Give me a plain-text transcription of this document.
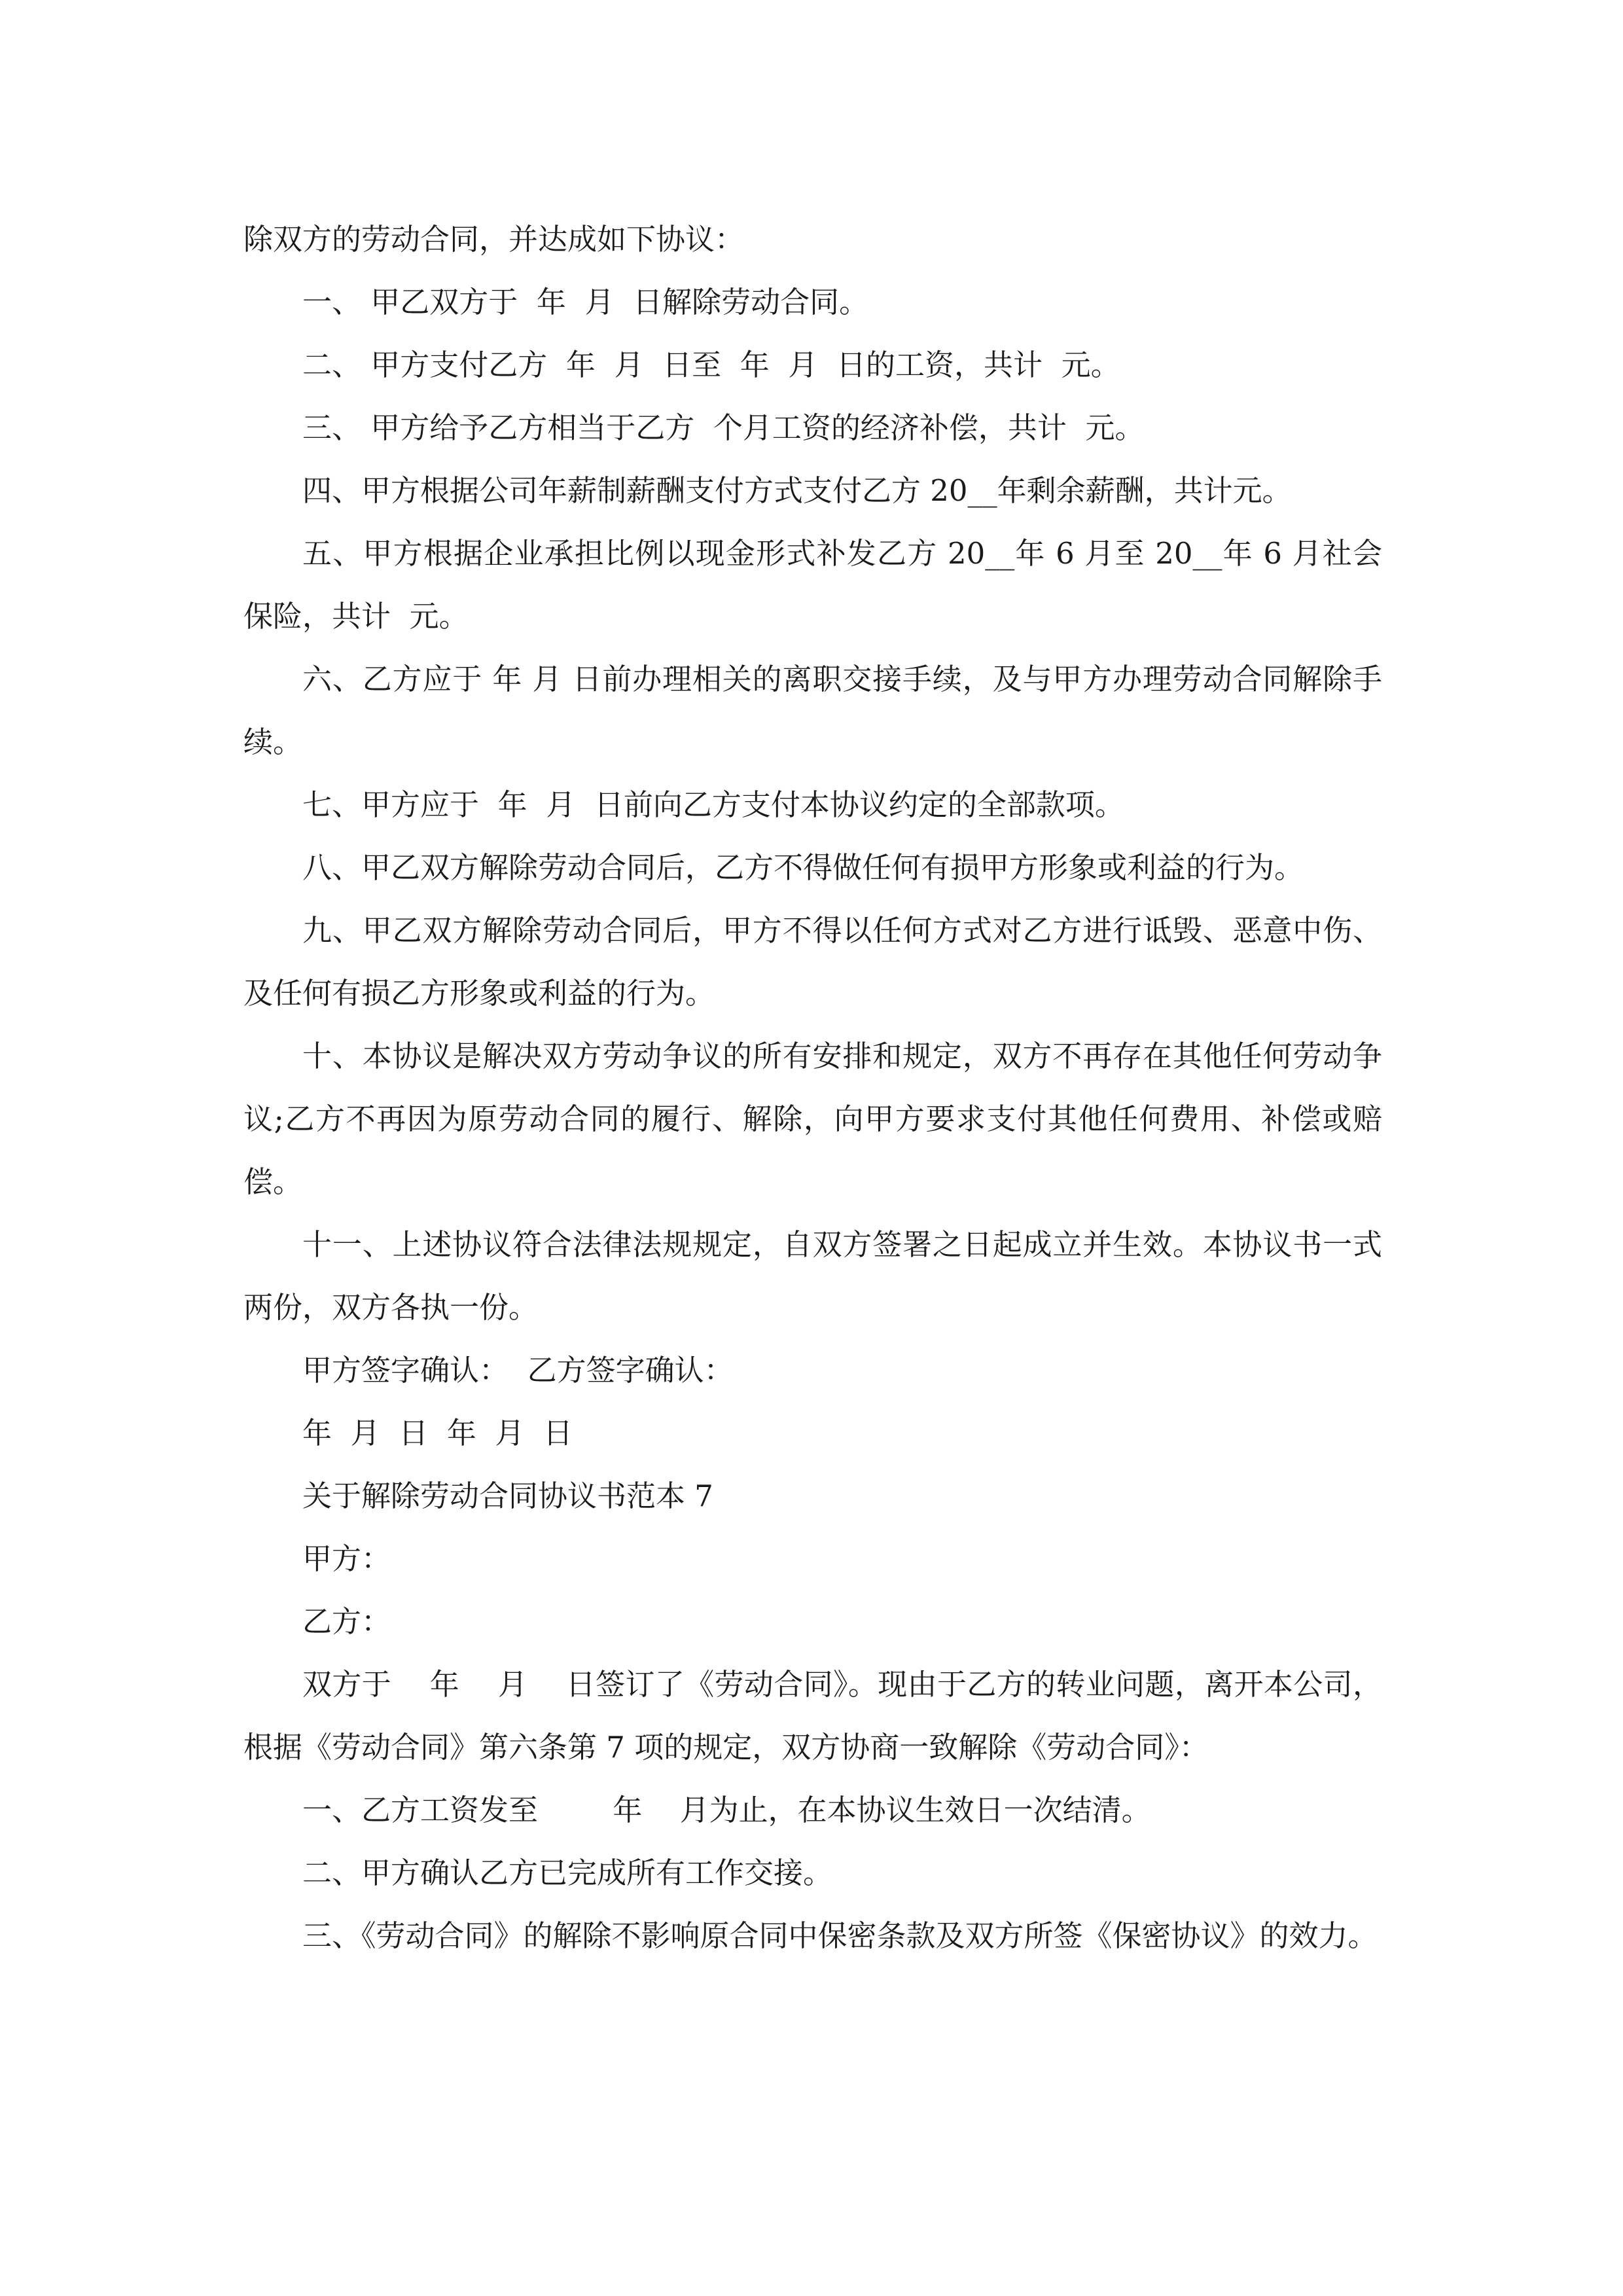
除双方的劳动合同，并达成如下协议：

一、 甲乙双方于  年  月  日解除劳动合同。

二、 甲方支付乙方  年  月  日至  年  月  日的工资，共计  元。

三、 甲方给予乙方相当于乙方  个月工资的经济补偿，共计  元。

四、甲方根据公司年薪制薪酬支付方式支付乙方 20__年剩余薪酬，共计元。

五、甲方根据企业承担比例以现金形式补发乙方 20__年 6 月至 20__年 6 月社会保险，共计  元。

六、乙方应于 年 月 日前办理相关的离职交接手续，及与甲方办理劳动合同解除手续。

七、甲方应于  年  月  日前向乙方支付本协议约定的全部款项。

八、甲乙双方解除劳动合同后，乙方不得做任何有损甲方形象或利益的行为。

九、甲乙双方解除劳动合同后，甲方不得以任何方式对乙方进行诋毁、恶意中伤、及任何有损乙方形象或利益的行为。

十、本协议是解决双方劳动争议的所有安排和规定，双方不再存在其他任何劳动争议;乙方不再因为原劳动合同的履行、解除，向甲方要求支付其他任何费用、补偿或赔偿。

十一、上述协议符合法律法规规定，自双方签署之日起成立并生效。本协议书一式两份，双方各执一份。

甲方签字确认：  乙方签字确认：

年  月  日  年  月  日

关于解除劳动合同协议书范本 7

甲方：

乙方：

双方于    年    月    日签订了《劳动合同》。现由于乙方的转业问题，离开本公司，根据《劳动合同》第六条第 7 项的规定，双方协商一致解除《劳动合同》：

一、乙方工资发至        年    月为止，在本协议生效日一次结清。

二、甲方确认乙方已完成所有工作交接。

三、《劳动合同》的解除不影响原合同中保密条款及双方所签《保密协议》的效力。
